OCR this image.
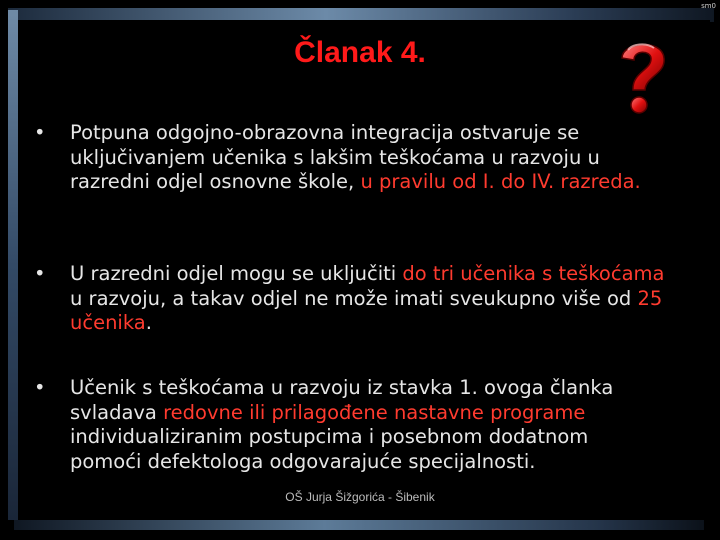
sm0
Članak 4.
• Potpuna odgojno-obrazovna integracija ostvaruje se uključivanjem učenika s lakšim teškoćama u razvoju u razredni odjel osnovne škole, u pravilu od I. do IV. razreda.
• U razredni odjel mogu se uključiti do tri učenika s teškoćama u razvoju, a takav odjel ne može imati sveukupno više od 25 učenika.
• Učenik s teškoćama u razvoju iz stavka 1. ovoga članka svladava redovne ili prilagođene nastavne programe individualiziranim postupcima i posebnom dodatnom pomoći defektologa odgovarajuće specijalnosti.
OŠ Jurja Šižgorića - Šibenik
